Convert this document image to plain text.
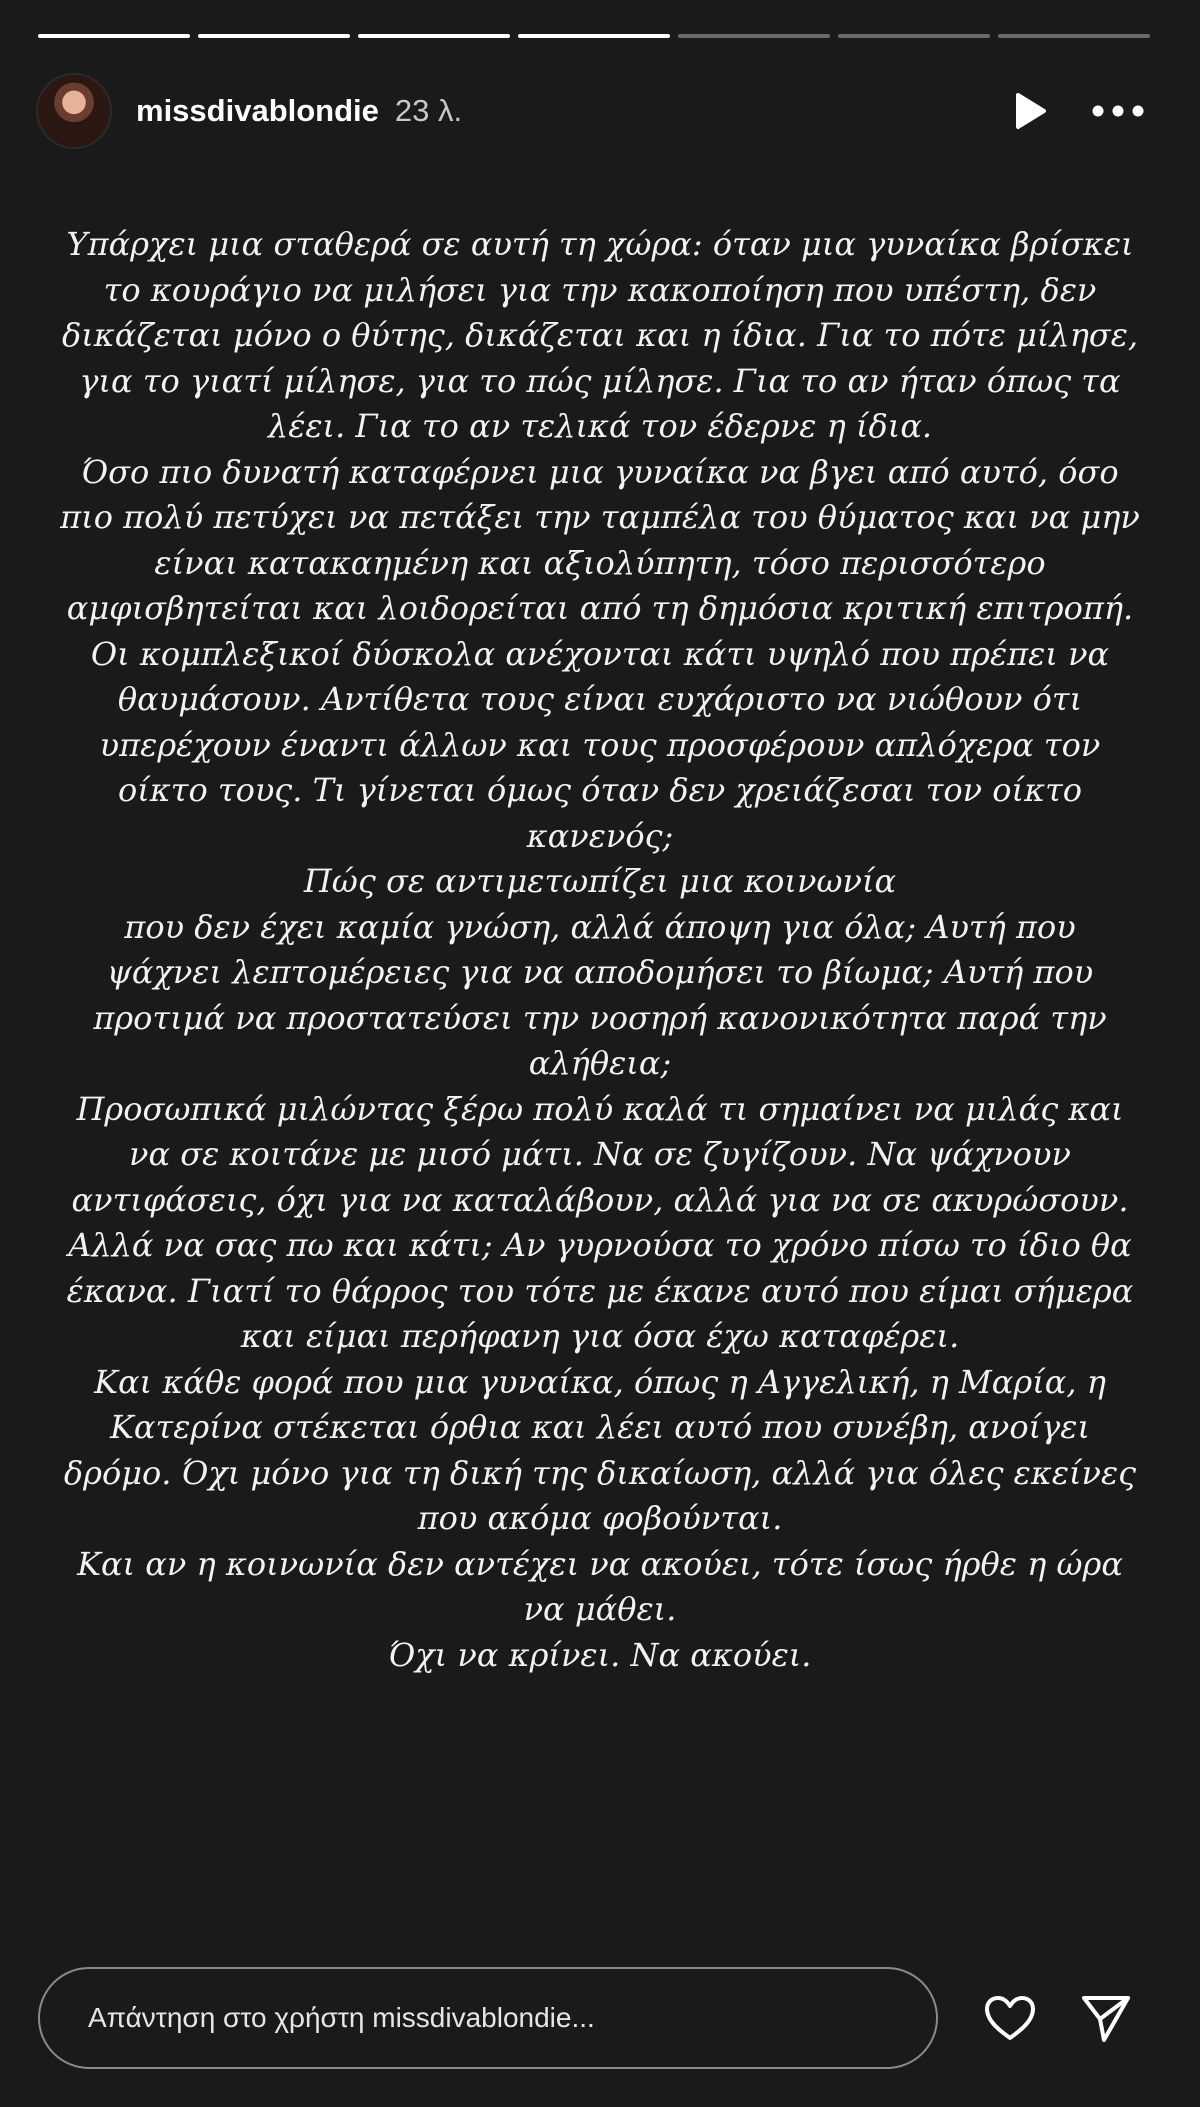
missdivablondie 23 λ.

Υπάρχει μια σταθερά σε αυτή τη χώρα: όταν μια γυναίκα βρίσκει

το κουράγιο να μιλήσει για την κακοποίηση που υπέστη, δεν

δικάζεται μόνο ο θύτης, δικάζεται και η ίδια. Για το πότε μίλησε,

για το γιατί μίλησε, για το πώς μίλησε. Για το αν ήταν όπως τα

λέει. Για το αν τελικά τον έδερνε η ίδια.

Όσο πιο δυνατή καταφέρνει μια γυναίκα να βγει από αυτό, όσο

πιο πολύ πετύχει να πετάξει την ταμπέλα του θύματος και να μην

είναι κατακαημένη και αξιολύπητη, τόσο περισσότερο

αμφισβητείται και λοιδορείται από τη δημόσια κριτική επιτροπή.

Οι κομπλεξικοί δύσκολα ανέχονται κάτι υψηλό που πρέπει να

θαυμάσουν. Αντίθετα τους είναι ευχάριστο να νιώθουν ότι

υπερέχουν έναντι άλλων και τους προσφέρουν απλόχερα τον

οίκτο τους. Τι γίνεται όμως όταν δεν χρειάζεσαι τον οίκτο

κανενός;

Πώς σε αντιμετωπίζει μια κοινωνία

που δεν έχει καμία γνώση, αλλά άποψη για όλα; Αυτή που

ψάχνει λεπτομέρειες για να αποδομήσει το βίωμα; Αυτή που

προτιμά να προστατεύσει την νοσηρή κανονικότητα παρά την

αλήθεια;

Προσωπικά μιλώντας ξέρω πολύ καλά τι σημαίνει να μιλάς και

να σε κοιτάνε με μισό μάτι. Να σε ζυγίζουν. Να ψάχνουν

αντιφάσεις, όχι για να καταλάβουν, αλλά για να σε ακυρώσουν.

Αλλά να σας πω και κάτι; Αν γυρνούσα το χρόνο πίσω το ίδιο θα

έκανα. Γιατί το θάρρος του τότε με έκανε αυτό που είμαι σήμερα

και είμαι περήφανη για όσα έχω καταφέρει.

Και κάθε φορά που μια γυναίκα, όπως η Αγγελική, η Μαρία, η

Κατερίνα στέκεται όρθια και λέει αυτό που συνέβη, ανοίγει

δρόμο. Όχι μόνο για τη δική της δικαίωση, αλλά για όλες εκείνες

που ακόμα φοβούνται.

Και αν η κοινωνία δεν αντέχει να ακούει, τότε ίσως ήρθε η ώρα

να μάθει.

Όχι να κρίνει. Να ακούει.

Απάντηση στο χρήστη missdivablondie...
